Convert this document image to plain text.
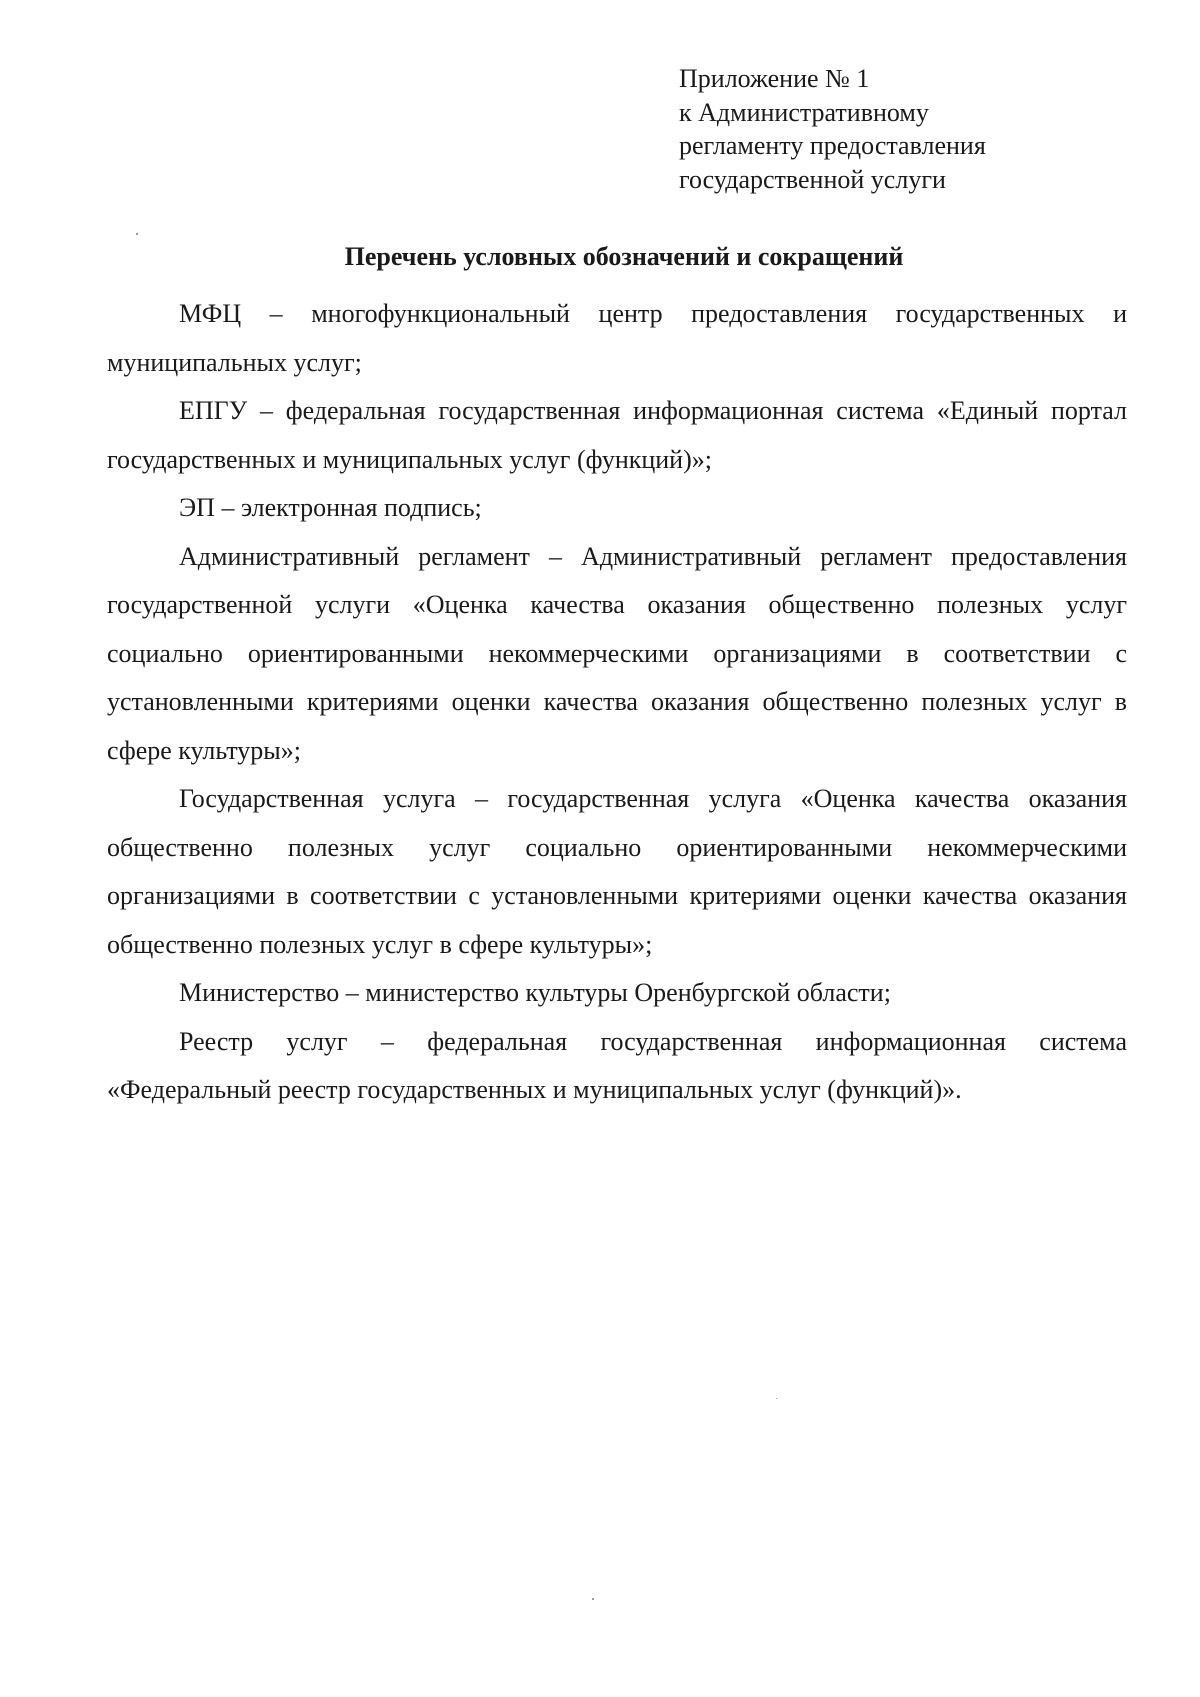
Приложение № 1
к Административному
регламенту предоставления
государственной услуги
Перечень условных обозначений и сокращений

МФЦ – многофункциональный центр предоставления государственных и муниципальных услуг;

ЕПГУ – федеральная государственная информационная система «Единый портал государственных и муниципальных услуг (функций)»;

ЭП – электронная подпись;

Административный регламент – Административный регламент предоставления государственной услуги «Оценка качества оказания общественно полезных услуг социально ориентированными некоммерческими организациями в соответствии с установленными критериями оценки качества оказания общественно полезных услуг в сфере культуры»;

Государственная услуга – государственная услуга «Оценка качества оказания общественно полезных услуг социально ориентированными некоммерческими организациями в соответствии с установленными критериями оценки качества оказания общественно полезных услуг в сфере культуры»;

Министерство – министерство культуры Оренбургской области;

Реестр услуг – федеральная государственная информационная система «Федеральный реестр государственных и муниципальных услуг (функций)».
